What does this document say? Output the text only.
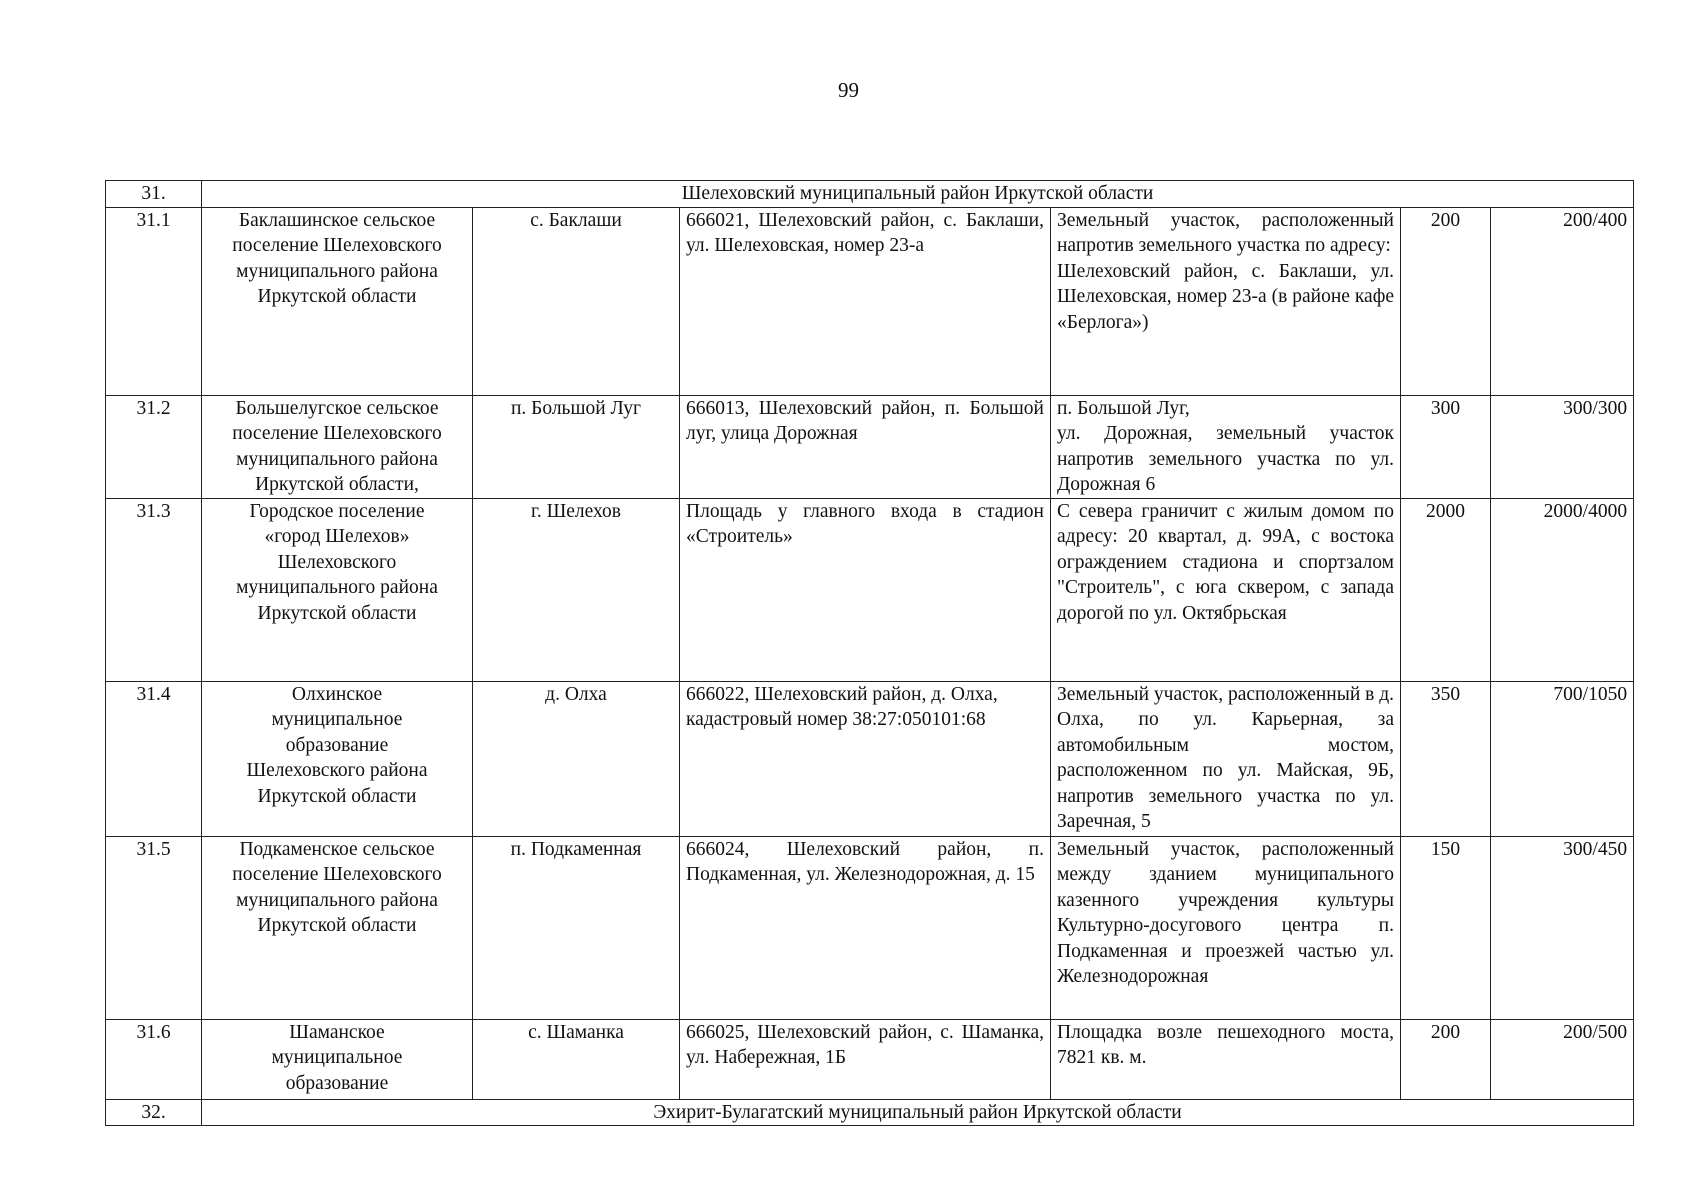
99
31.	Шелеховский муниципальный район Иркутской области					
31.1	Баклашинское сельское
поселение Шелеховского
муниципального района
Иркутской области	с. Баклаши	666021, Шелеховский район, с. Баклаши, ул. Шелеховская, номер 23-а	Земельный участок, расположенный напротив земельного участка по адресу:
Шелеховский район, с. Баклаши, ул. Шелеховская, номер 23-а (в районе кафе «Берлога»)	200	200/400
31.2	Большелугское сельское
поселение Шелеховского
муниципального района
Иркутской области,	п. Большой Луг	666013, Шелеховский район, п. Большой луг, улица Дорожная	п. Большой Луг,
ул. Дорожная, земельный участок напротив земельного участка по ул. Дорожная 6	300	300/300
31.3	Городское поселение
«город Шелехов»
Шелеховского
муниципального района
Иркутской области	г. Шелехов	Площадь у главного входа в стадион «Строитель»	С севера граничит с жилым домом по адресу: 20 квартал, д. 99А, с востока ограждением стадиона и спортзалом "Строитель", с юга сквером, с запада дорогой по ул. Октябрьская	2000	2000/4000
31.4	Олхинское
муниципальное
образование
Шелеховского района
Иркутской области	д. Олха	666022, Шелеховский район, д. Олха, кадастровый номер 38:27:050101:68	Земельный участок, расположенный в д. Олха, по ул. Карьерная, за автомобильным мостом, расположенном по ул. Майская, 9Б, напротив земельного участка по ул. Заречная, 5	350	700/1050
31.5	Подкаменское сельское
поселение Шелеховского
муниципального района
Иркутской области	п. Подкаменная	666024, Шелеховский район, п. Подкаменная, ул. Железнодорожная, д. 15	Земельный участок, расположенный между зданием муниципального казенного учреждения культуры Культурно-досугового центра п. Подкаменная и проезжей частью ул. Железнодорожная	150	300/450
31.6	Шаманское
муниципальное
образование	с. Шаманка	666025, Шелеховский район, с. Шаманка, ул. Набережная, 1Б	Площадка возле пешеходного моста, 7821 кв. м.	200	200/500
32.	Эхирит-Булагатский муниципальный район Иркутской области					
